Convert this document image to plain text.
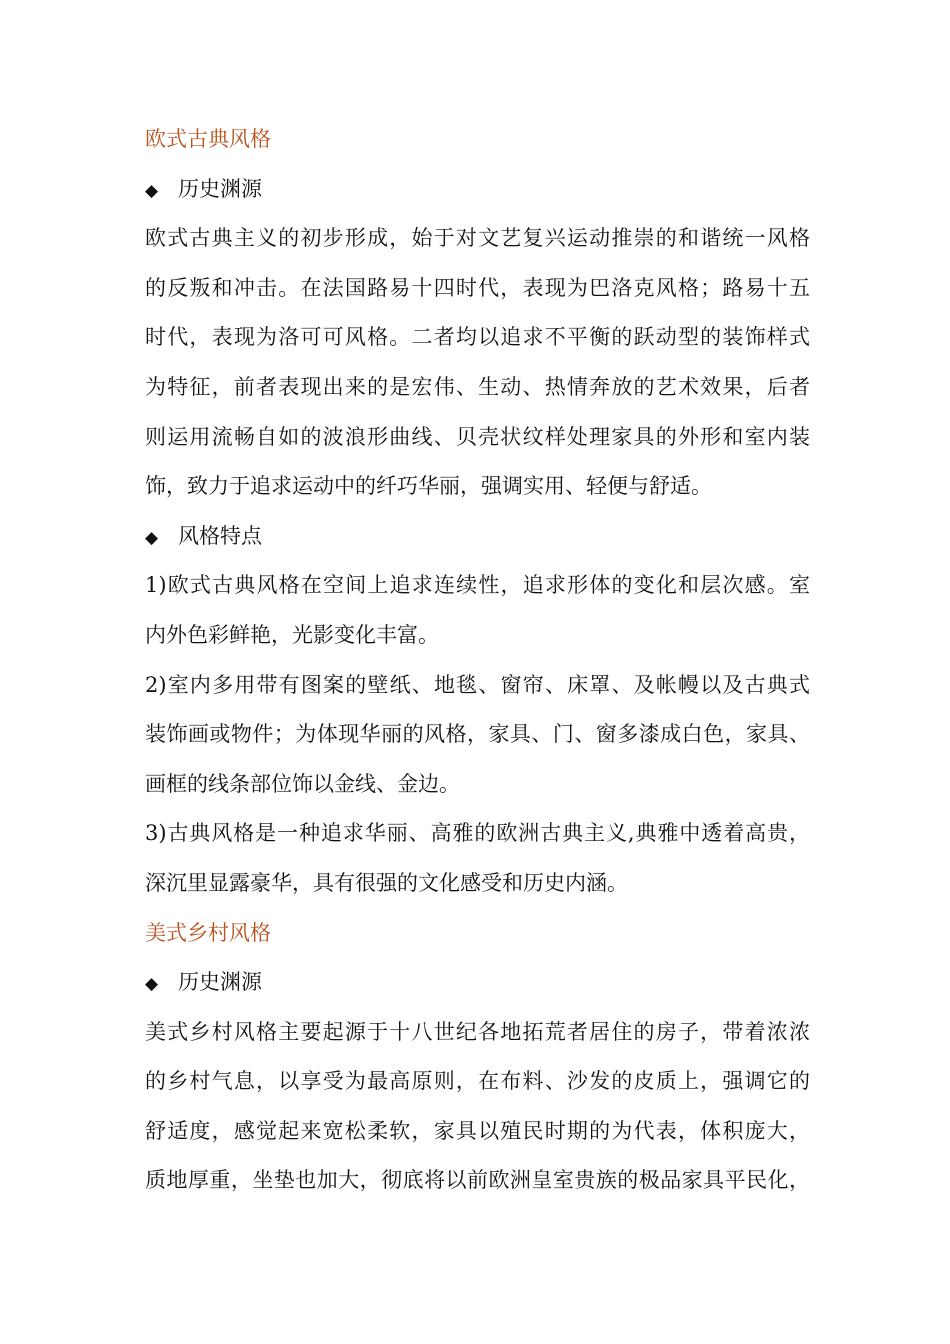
欧式古典风格
◆ 历史渊源
欧式古典主义的初步形成，始于对文艺复兴运动推崇的和谐统一风格
的反叛和冲击。在法国路易十四时代，表现为巴洛克风格；路易十五
时代，表现为洛可可风格。二者均以追求不平衡的跃动型的装饰样式
为特征，前者表现出来的是宏伟、生动、热情奔放的艺术效果，后者
则运用流畅自如的波浪形曲线、贝壳状纹样处理家具的外形和室内装
饰，致力于追求运动中的纤巧华丽，强调实用、轻便与舒适。
◆ 风格特点
1)欧式古典风格在空间上追求连续性，追求形体的变化和层次感。室
内外色彩鲜艳，光影变化丰富。
2)室内多用带有图案的壁纸、地毯、窗帘、床罩、及帐幔以及古典式
装饰画或物件；为体现华丽的风格，家具、门、窗多漆成白色，家具、
画框的线条部位饰以金线、金边。
3)古典风格是一种追求华丽、高雅的欧洲古典主义,典雅中透着高贵，
深沉里显露豪华，具有很强的文化感受和历史内涵。
美式乡村风格
◆ 历史渊源
美式乡村风格主要起源于十八世纪各地拓荒者居住的房子，带着浓浓
的乡村气息，以享受为最高原则，在布料、沙发的皮质上，强调它的
舒适度，感觉起来宽松柔软，家具以殖民时期的为代表，体积庞大，
质地厚重，坐垫也加大，彻底将以前欧洲皇室贵族的极品家具平民化，
